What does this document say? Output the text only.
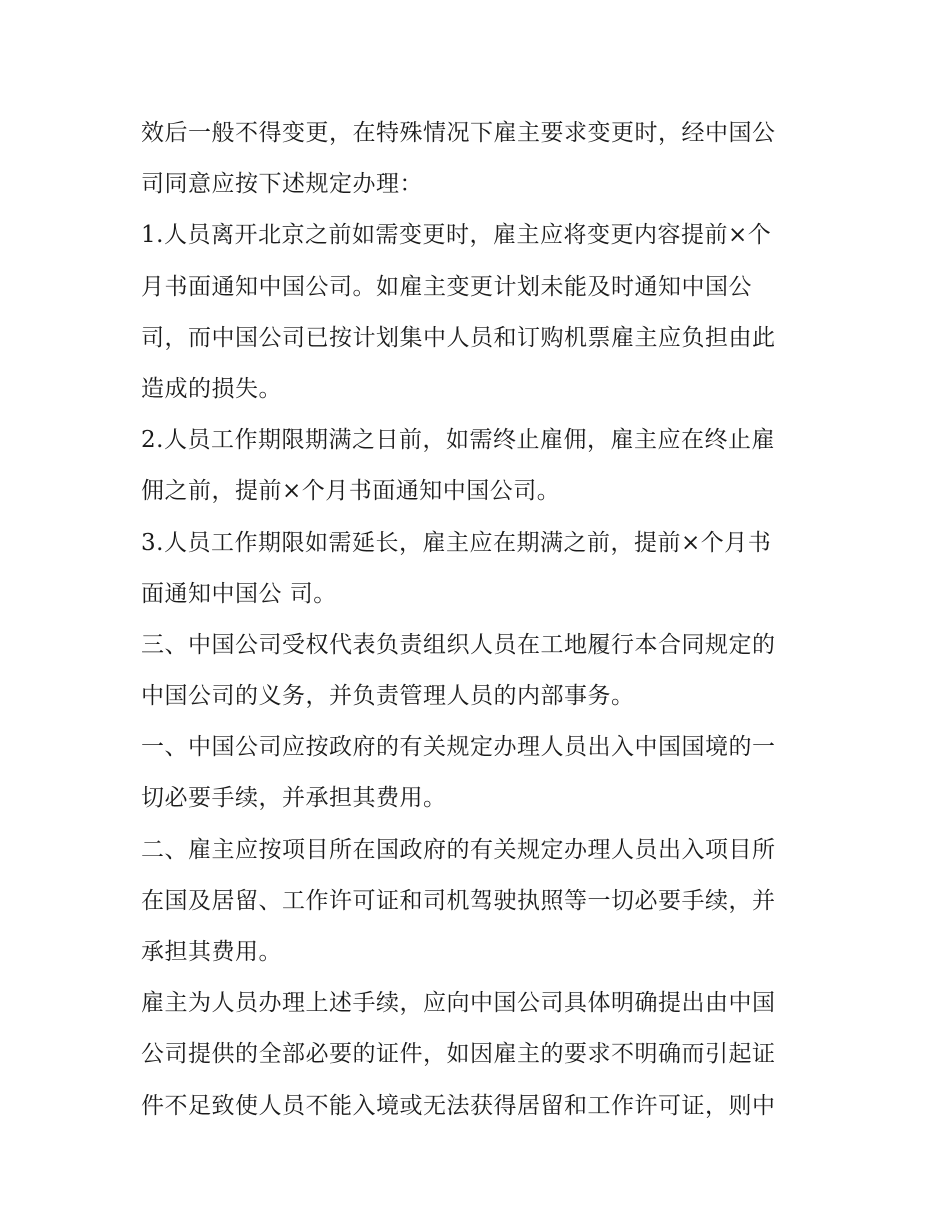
效后一般不得变更，在特殊情况下雇主要求变更时，经中国公
司同意应按下述规定办理：
1.人员离开北京之前如需变更时，雇主应将变更内容提前×个
月书面通知中国公司。如雇主变更计划未能及时通知中国公
司，而中国公司已按计划集中人员和订购机票雇主应负担由此
造成的损失。
2.人员工作期限期满之日前，如需终止雇佣，雇主应在终止雇
佣之前，提前×个月书面通知中国公司。
3.人员工作期限如需延长，雇主应在期满之前，提前×个月书
面通知中国公 司。
三、中国公司受权代表负责组织人员在工地履行本合同规定的
中国公司的义务，并负责管理人员的内部事务。
一、中国公司应按政府的有关规定办理人员出入中国国境的一
切必要手续，并承担其费用。
二、雇主应按项目所在国政府的有关规定办理人员出入项目所
在国及居留、工作许可证和司机驾驶执照等一切必要手续，并
承担其费用。
雇主为人员办理上述手续，应向中国公司具体明确提出由中国
公司提供的全部必要的证件，如因雇主的要求不明确而引起证
件不足致使人员不能入境或无法获得居留和工作许可证，则中
